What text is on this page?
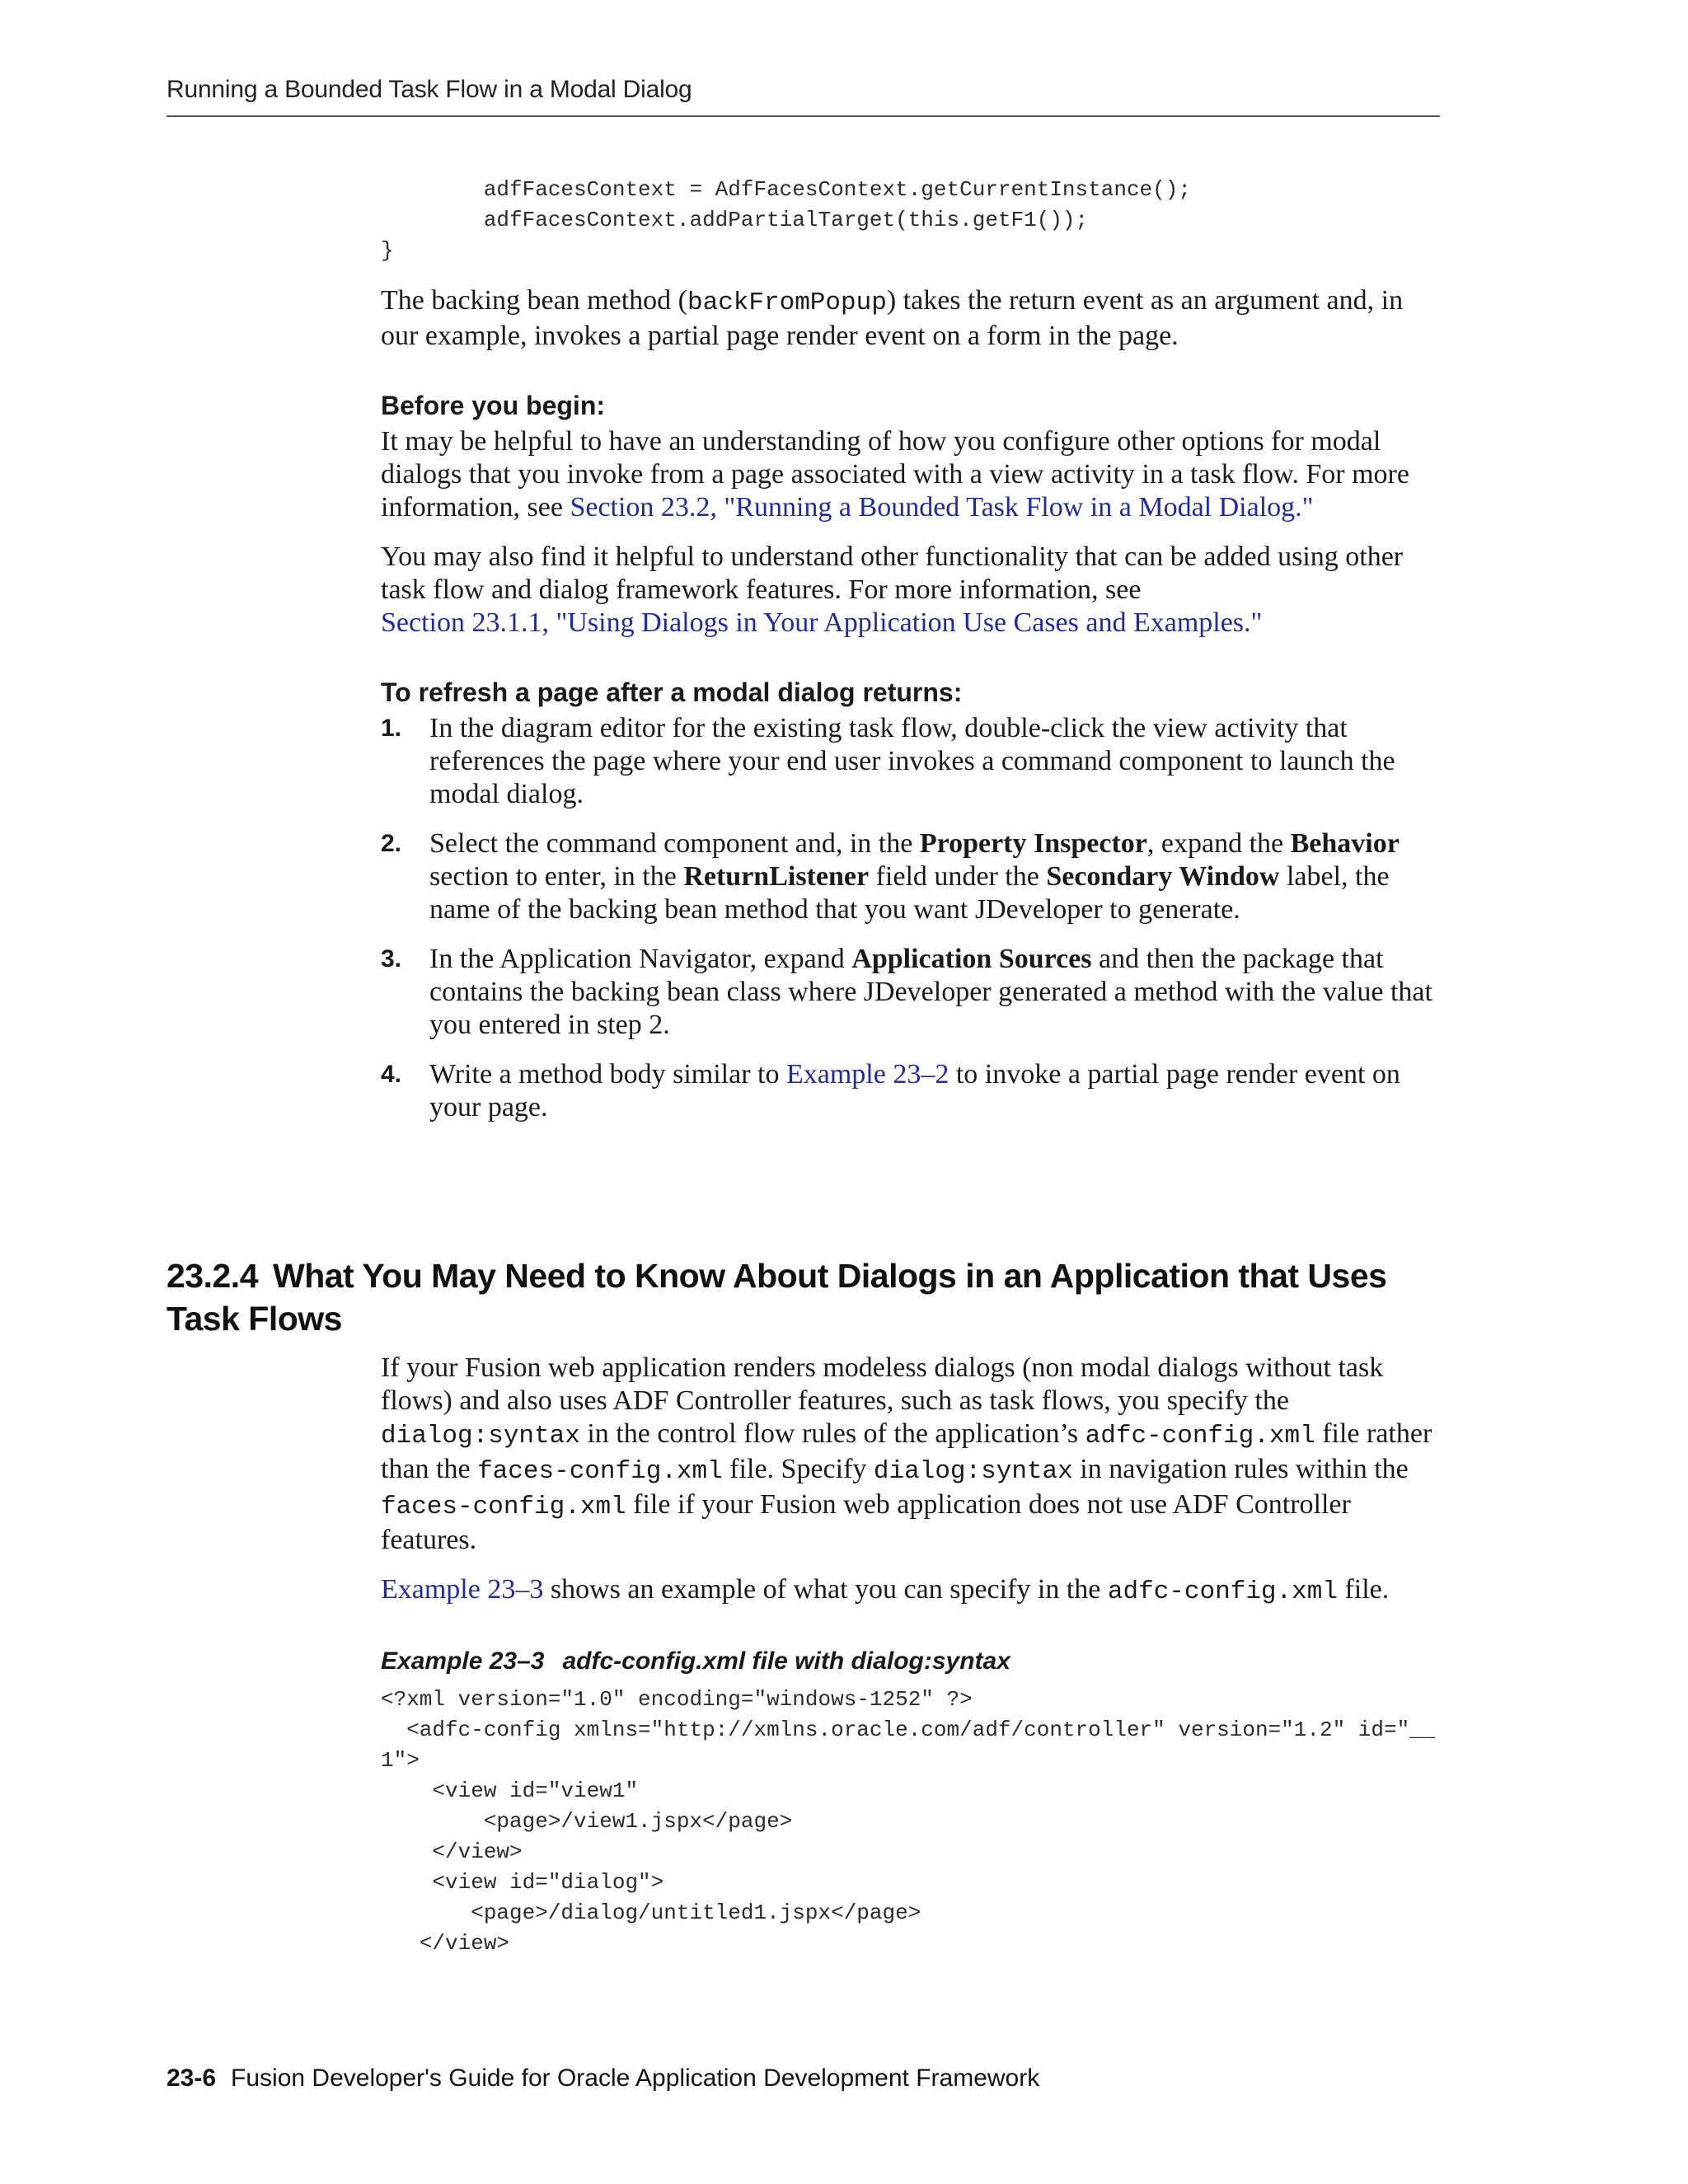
Running a Bounded Task Flow in a Modal Dialog
adfFacesContext = AdfFacesContext.getCurrentInstance();
adfFacesContext.addPartialTarget(this.getF1());
}

The backing bean method (backFromPopup) takes the return event as an argument and, in our example, invokes a partial page render event on a form in the page.

Before you begin:

It may be helpful to have an understanding of how you configure other options for modal dialogs that you invoke from a page associated with a view activity in a task flow. For more information, see Section 23.2, "Running a Bounded Task Flow in a Modal Dialog."

You may also find it helpful to understand other functionality that can be added using other task flow and dialog framework features. For more information, see
Section 23.1.1, "Using Dialogs in Your Application Use Cases and Examples."

To refresh a page after a modal dialog returns:

1. In the diagram editor for the existing task flow, double-click the view activity that references the page where your end user invokes a command component to launch the modal dialog.
2. Select the command component and, in the Property Inspector, expand the Behavior section to enter, in the ReturnListener field under the Secondary Window label, the name of the backing bean method that you want JDeveloper to generate.
3. In the Application Navigator, expand Application Sources and then the package that contains the backing bean class where JDeveloper generated a method with the value that you entered in step 2.
4. Write a method body similar to Example 23–2 to invoke a partial page render event on your page.
23.2.4 What You May Need to Know About Dialogs in an Application that Uses Task Flows

If your Fusion web application renders modeless dialogs (non modal dialogs without task flows) and also uses ADF Controller features, such as task flows, you specify the dialog:syntax in the control flow rules of the application’s adfc-config.xml file rather than the faces-config.xml file. Specify dialog:syntax in navigation rules within the faces-config.xml file if your Fusion web application does not use ADF Controller features.

Example 23–3 shows an example of what you can specify in the adfc-config.xml file.

Example 23–3 adfc-config.xml file with dialog:syntax

<?xml version="1.0" encoding="windows-1252" ?>
<adfc-config xmlns="http://xmlns.oracle.com/adf/controller" version="1.2" id="__
1">
<view id="view1"
<page>/view1.jspx</page>
</view>
<view id="dialog">
<page>/dialog/untitled1.jspx</page>
</view>
23-6 Fusion Developer's Guide for Oracle Application Development Framework
